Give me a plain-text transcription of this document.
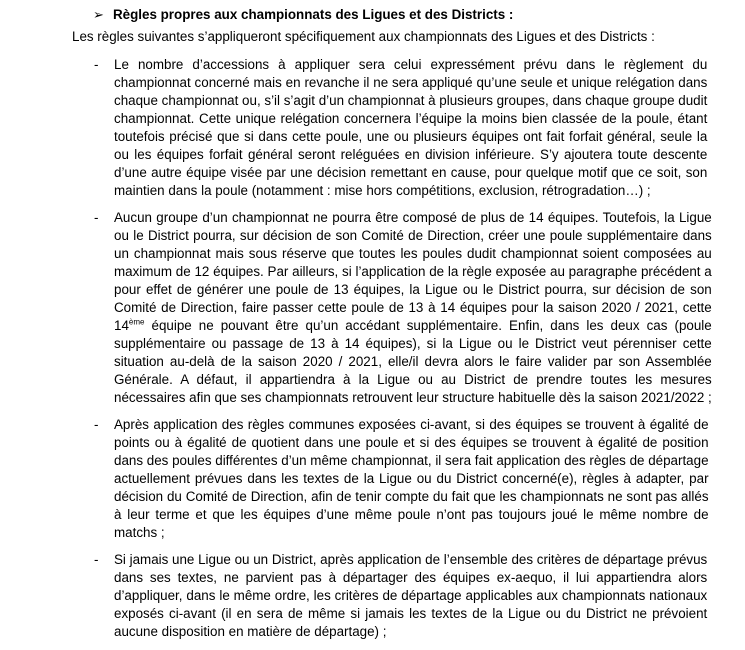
➢ Règles propres aux championnats des Ligues et des Districts :
Les règles suivantes s’appliqueront spécifiquement aux championnats des Ligues et des Districts :
-	Le nombre d’accessions à appliquer sera celui expressément prévu dans le règlement du
championnat concerné mais en revanche il ne sera appliqué qu’une seule et unique relégation dans
chaque championnat ou, s’il s’agit d’un championnat à plusieurs groupes, dans chaque groupe dudit
championnat. Cette unique relégation concernera l’équipe la moins bien classée de la poule, étant
toutefois précisé que si dans cette poule, une ou plusieurs équipes ont fait forfait général, seule la
ou les équipes forfait général seront reléguées en division inférieure. S’y ajoutera toute descente
d’une autre équipe visée par une décision remettant en cause, pour quelque motif que ce soit, son
maintien dans la poule (notamment : mise hors compétitions, exclusion, rétrogradation…) ;
-	Aucun groupe d’un championnat ne pourra être composé de plus de 14 équipes. Toutefois, la Ligue
ou le District pourra, sur décision de son Comité de Direction, créer une poule supplémentaire dans
un championnat mais sous réserve que toutes les poules dudit championnat soient composées au
maximum de 12 équipes. Par ailleurs, si l’application de la règle exposée au paragraphe précédent a
pour effet de générer une poule de 13 équipes, la Ligue ou le District pourra, sur décision de son
Comité de Direction, faire passer cette poule de 13 à 14 équipes pour la saison 2020 / 2021, cette
14ème équipe ne pouvant être qu’un accédant supplémentaire. Enfin, dans les deux cas (poule
supplémentaire ou passage de 13 à 14 équipes), si la Ligue ou le District veut pérenniser cette
situation au-delà de la saison 2020 / 2021, elle/il devra alors le faire valider par son Assemblée
Générale. A défaut, il appartiendra à la Ligue ou au District de prendre toutes les mesures
nécessaires afin que ses championnats retrouvent leur structure habituelle dès la saison 2021/2022 ;
-	Après application des règles communes exposées ci-avant, si des équipes se trouvent à égalité de
points ou à égalité de quotient dans une poule et si des équipes se trouvent à égalité de position
dans des poules différentes d’un même championnat, il sera fait application des règles de départage
actuellement prévues dans les textes de la Ligue ou du District concerné(e), règles à adapter, par
décision du Comité de Direction, afin de tenir compte du fait que les championnats ne sont pas allés
à leur terme et que les équipes d’une même poule n’ont pas toujours joué le même nombre de
matchs ;
-	Si jamais une Ligue ou un District, après application de l’ensemble des critères de départage prévus
dans ses textes, ne parvient pas à départager des équipes ex-aequo, il lui appartiendra alors
d’appliquer, dans le même ordre, les critères de départage applicables aux championnats nationaux
exposés ci-avant (il en sera de même si jamais les textes de la Ligue ou du District ne prévoient
aucune disposition en matière de départage) ;
